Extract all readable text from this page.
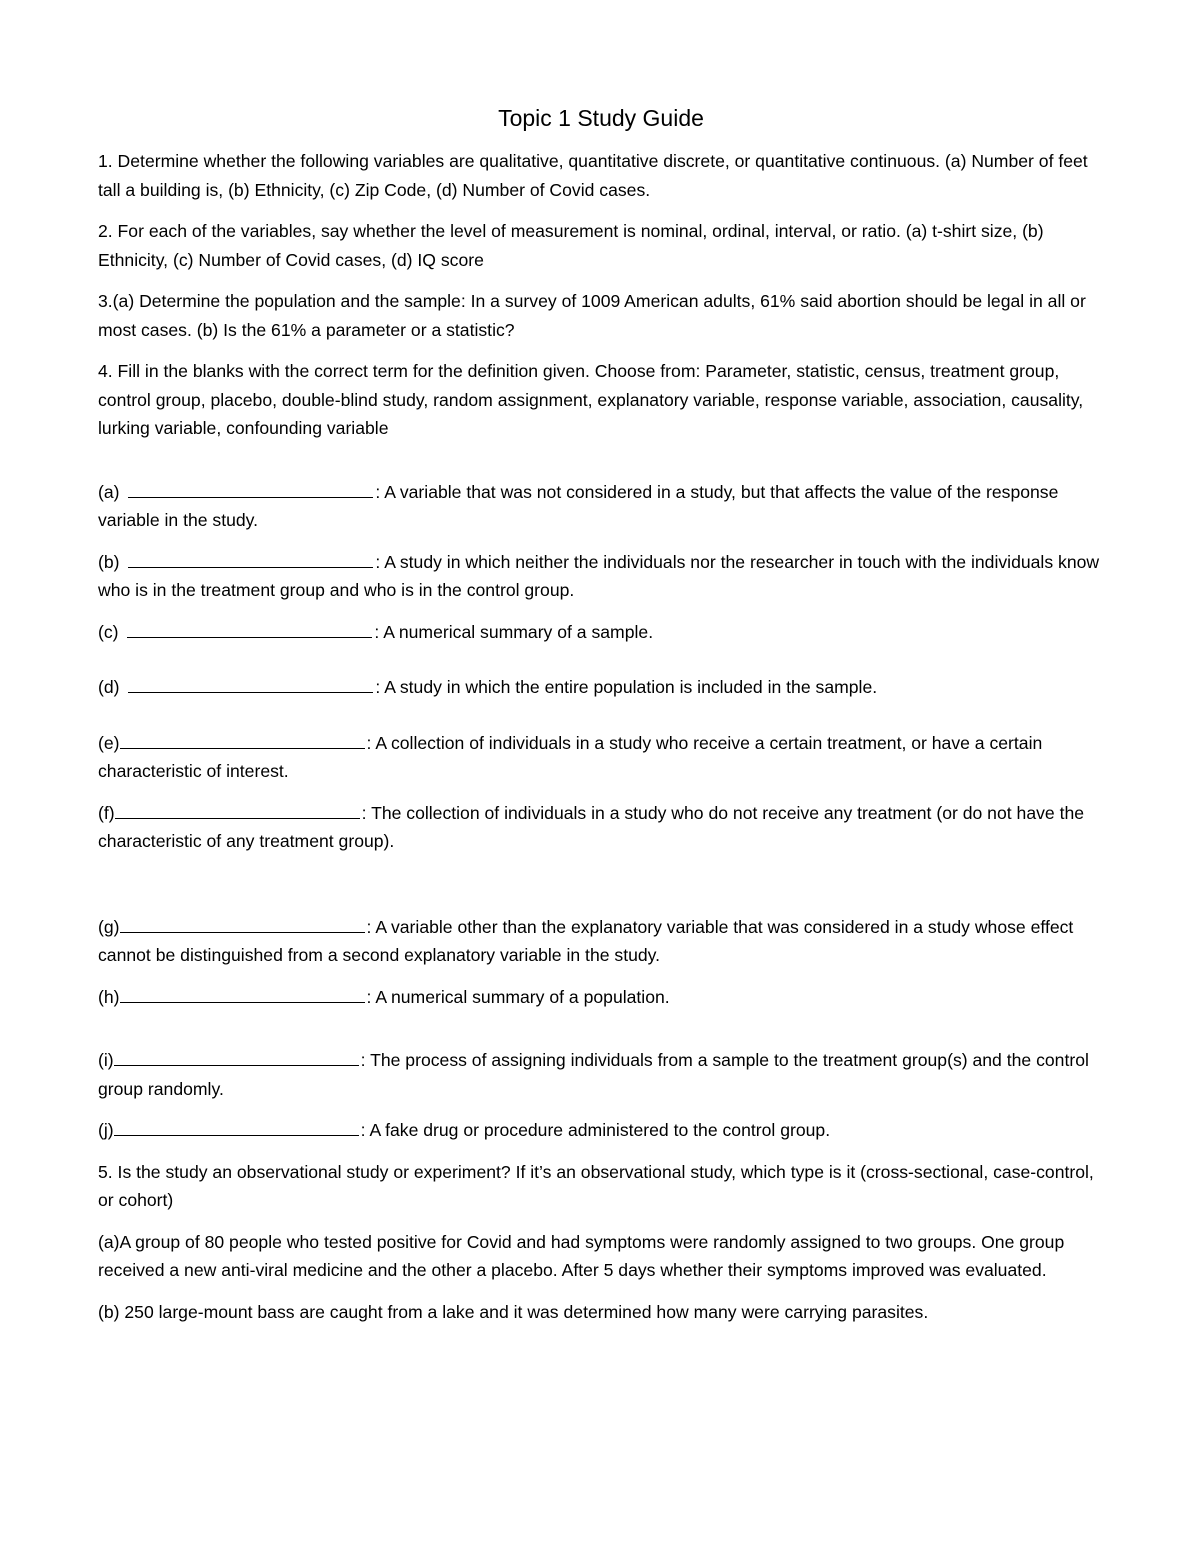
Topic 1 Study Guide

1. Determine whether the following variables are qualitative, quantitative discrete, or quantitative continuous. (a) Number of feet tall a building is, (b) Ethnicity, (c) Zip Code, (d) Number of Covid cases.

2. For each of the variables, say whether the level of measurement is nominal, ordinal, interval, or ratio. (a) t-shirt size, (b) Ethnicity, (c) Number of Covid cases, (d) IQ score

3.(a) Determine the population and the sample: In a survey of 1009 American adults, 61% said abortion should be legal in all or most cases. (b) Is the 61% a parameter or a statistic?

4. Fill in the blanks with the correct term for the definition given. Choose from: Parameter, statistic, census, treatment group, control group, placebo, double-blind study, random assignment, explanatory variable, response variable, association, causality, lurking variable, confounding variable

(a)	: A variable that was not considered in a study, but that affects the value of the response variable in the study.

(b)	: A study in which neither the individuals nor the researcher in touch with the individuals know who is in the treatment group and who is in the control group.

(c)	: A numerical summary of a sample.

(d)	: A study in which the entire population is included in the sample.

(e)	: A collection of individuals in a study who receive a certain treatment, or have a certain characteristic of interest.

(f)	: The collection of individuals in a study who do not receive any treatment (or do not have the characteristic of any treatment group).

(g)	: A variable other than the explanatory variable that was considered in a study whose effect cannot be distinguished from a second explanatory variable in the study.

(h)	: A numerical summary of a population.

(i)	: The process of assigning individuals from a sample to the treatment group(s) and the control group randomly.

(j)	: A fake drug or procedure administered to the control group.

5. Is the study an observational study or experiment? If it’s an observational study, which type is it (cross-sectional, case-control, or cohort)

(a)A group of 80 people who tested positive for Covid and had symptoms were randomly assigned to two groups. One group received a new anti-viral medicine and the other a placebo. After 5 days whether their symptoms improved was evaluated.

(b) 250 large-mount bass are caught from a lake and it was determined how many were carrying parasites.
